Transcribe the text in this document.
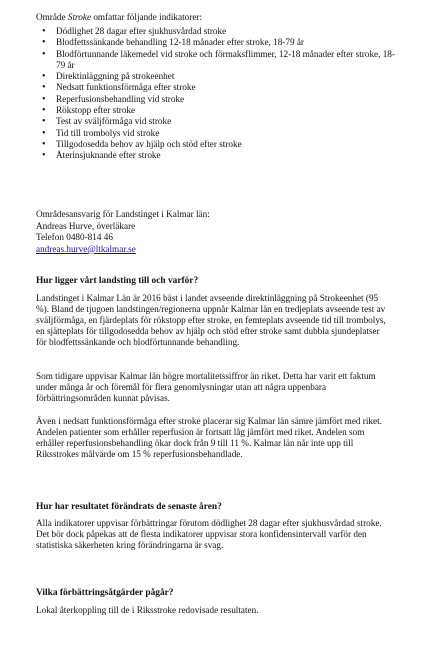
Område Stroke omfattar följande indikatorer:
• Dödlighet 28 dagar efter sjukhusvårdad stroke
• Blodfettssänkande behandling 12-18 månader efter stroke, 18-79 år
• Blodförtunnande läkemedel vid stroke och förmaksflimmer, 12-18 månader efter stroke, 18-79 år
• Direktinläggning på strokeenhet
• Nedsatt funktionsförmåga efter stroke
• Reperfusionsbehandling vid stroke
• Rökstopp efter stroke
• Test av sväljförmåga vid stroke
• Tid till trombolys vid stroke
• Tillgodosedda behov av hjälp och stöd efter stroke
• Återinsjuknande efter stroke
Områdesansvarig för Landstinget i Kalmar län:
Andreas Hurve, överläkare
Telefon 0480-814 46
andreas.hurve@ltkalmar.se
Hur ligger vårt landsting till och varför?

Landstinget i Kalmar Län är 2016 bäst i landet avseende direktinläggning på Strokeenhet (95 %). Bland de tjugoen landstingen/regionerna uppnår Kalmar län en tredjeplats avseende test av sväljförmåga, en fjärdeplats för rökstopp efter stroke, en femteplats avseende tid till trombolys, en sjätteplats för tillgodosedda behov av hjälp och stöd efter stroke samt dubbla sjundeplatser för blodfettssänkande och blodförtunnande behandling.

Som tidigare uppvisar Kalmar län högre mortalitetssiffror än riket. Detta har varit ett faktum under många år och föremål för flera genomlysningar utan att några uppenbara förbättringsområden kunnat påvisas.

Även i nedsatt funktionsförmåga efter stroke placerar sig Kalmar län sämre jämfört med riket. Andelen patienter som erhåller reperfusion är fortsatt låg jämfört med riket. Andelen som erhåller reperfusionsbehandling ökar dock från 9 till 11 %. Kalmar län når inte upp till Riksstrokes målvärde om 15 % reperfusionsbehandlade.

Hur har resultatet förändrats de senaste åren?

Alla indikatorer uppvisar förbättringar förutom dödlighet 28 dagar efter sjukhusvårdad stroke. Det bör dock påpekas att de flesta indikatorer uppvisar stora konfidensintervall varför den statistiska säkerheten kring förändringarna är svag.

Vilka förbättringsåtgärder pågår?

Lokal återkoppling till de i Riksstroke redovisade resultaten.
